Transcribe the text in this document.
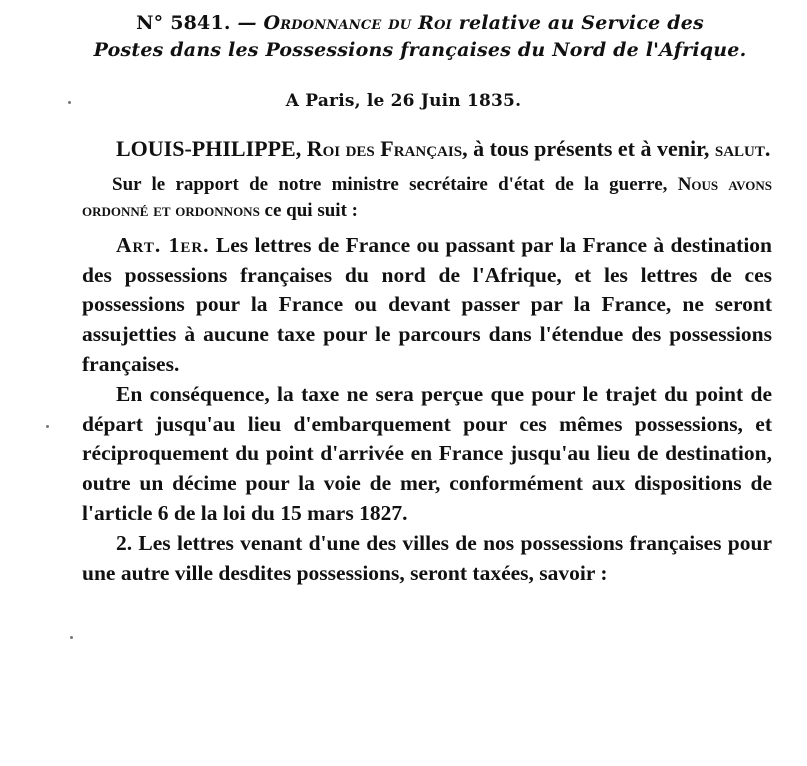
N° 5841. — Ordonnance du Roi relative au Service des
Postes dans les Possessions françaises du Nord de l'Afrique.
A Paris, le 26 Juin 1835.

LOUIS-PHILIPPE, Roi des Français, à tous présents et à venir, salut.

Sur le rapport de notre ministre secrétaire d'état de la guerre, Nous avons ordonné et ordonnons ce qui suit :

Art. 1er. Les lettres de France ou passant par la France à destination des possessions françaises du nord de l'Afrique, et les lettres de ces possessions pour la France ou devant passer par la France, ne seront assujetties à aucune taxe pour le parcours dans l'étendue des possessions françaises.

En conséquence, la taxe ne sera perçue que pour le trajet du point de départ jusqu'au lieu d'embarquement pour ces mêmes possessions, et réciproquement du point d'arrivée en France jusqu'au lieu de destination, outre un décime pour la voie de mer, conformément aux dispositions de l'article 6 de la loi du 15 mars 1827.

2. Les lettres venant d'une des villes de nos possessions françaises pour une autre ville desdites possessions, seront taxées, savoir :
